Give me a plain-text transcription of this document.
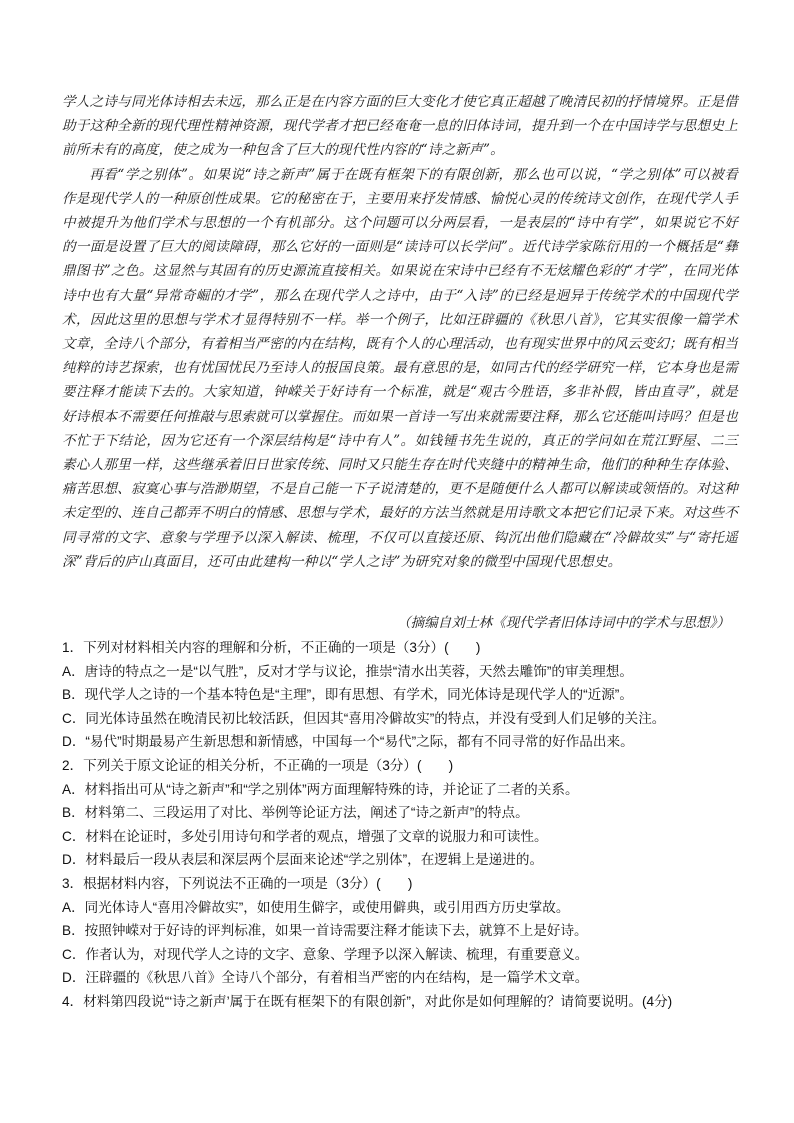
学人之诗与同光体诗相去未远，那么正是在内容方面的巨大变化才使它真正超越了晚清民初的抒情境界。正是借助于这种全新的现代理性精神资源，现代学者才把已经奄奄一息的旧体诗词，提升到一个在中国诗学与思想史上前所未有的高度，使之成为一种包含了巨大的现代性内容的“诗之新声”。

再看“学之别体”。如果说“诗之新声”属于在既有框架下的有限创新，那么也可以说，“学之别体”可以被看作是现代学人的一种原创性成果。它的秘密在于，主要用来抒发情感、愉悦心灵的传统诗文创作，在现代学人手中被提升为他们学术与思想的一个有机部分。这个问题可以分两层看，一是表层的“诗中有学”，如果说它不好的一面是设置了巨大的阅读障碍，那么它好的一面则是“读诗可以长学问”。近代诗学家陈衍用的一个概括是“彝鼎图书”之色。这显然与其固有的历史源流直接相关。如果说在宋诗中已经有不无炫耀色彩的“才学”，在同光体诗中也有大量“异常奇崛的才学”，那么在现代学人之诗中，由于“入诗”的已经是迥异于传统学术的中国现代学术，因此这里的思想与学术才显得特别不一样。举一个例子，比如汪辟疆的《秋思八首》，它其实很像一篇学术文章，全诗八个部分，有着相当严密的内在结构，既有个人的心理活动，也有现实世界中的风云变幻；既有相当纯粹的诗艺探索，也有忧国忧民乃至诗人的报国良策。最有意思的是，如同古代的经学研究一样，它本身也是需要注释才能读下去的。大家知道，钟嵘关于好诗有一个标准，就是“观古今胜语，多非补假，皆由直寻”，就是好诗根本不需要任何推敲与思索就可以掌握住。而如果一首诗一写出来就需要注释，那么它还能叫诗吗？但是也不忙于下结论，因为它还有一个深层结构是“诗中有人”。如钱锺书先生说的，真正的学问如在荒江野屋、二三素心人那里一样，这些继承着旧日世家传统、同时又只能生存在时代夹缝中的精神生命，他们的种种生存体验、痛苦思想、寂寞心事与浩渺期望，不是自己能一下子说清楚的，更不是随便什么人都可以解读或领悟的。对这种未定型的、连自己都弄不明白的情感、思想与学术，最好的方法当然就是用诗歌文本把它们记录下来。对这些不同寻常的文字、意象与学理予以深入解读、梳理，不仅可以直接还原、钩沉出他们隐藏在“冷僻故实”与“寄托遥深”背后的庐山真面目，还可由此建构一种以“学人之诗”为研究对象的微型中国现代思想史。

（摘编自刘士林《现代学者旧体诗词中的学术与思想》）

1．下列对材料相关内容的理解和分析，不正确的一项是（3分）(　　)

A．唐诗的特点之一是“以气胜”，反对才学与议论，推崇“清水出芙蓉，天然去雕饰”的审美理想。

B．现代学人之诗的一个基本特色是“主理”，即有思想、有学术，同光体诗是现代学人的“近源”。

C．同光体诗虽然在晚清民初比较活跃，但因其“喜用冷僻故实”的特点，并没有受到人们足够的关注。

D．“易代”时期最易产生新思想和新情感，中国每一个“易代”之际，都有不同寻常的好作品出来。

2．下列关于原文论证的相关分析，不正确的一项是（3分）(　　)

A．材料指出可从“诗之新声”和“学之别体”两方面理解特殊的诗，并论证了二者的关系。

B．材料第二、三段运用了对比、举例等论证方法，阐述了“诗之新声”的特点。

C．材料在论证时，多处引用诗句和学者的观点，增强了文章的说服力和可读性。

D．材料最后一段从表层和深层两个层面来论述“学之别体”，在逻辑上是递进的。

3．根据材料内容，下列说法不正确的一项是（3分）(　　)

A．同光体诗人“喜用冷僻故实”，如使用生僻字，或使用僻典，或引用西方历史掌故。

B．按照钟嵘对于好诗的评判标准，如果一首诗需要注释才能读下去，就算不上是好诗。

C．作者认为，对现代学人之诗的文字、意象、学理予以深入解读、梳理，有重要意义。

D．汪辟疆的《秋思八首》全诗八个部分，有着相当严密的内在结构，是一篇学术文章。

4．材料第四段说“‘诗之新声’属于在既有框架下的有限创新”，对此你是如何理解的？请简要说明。(4分)
